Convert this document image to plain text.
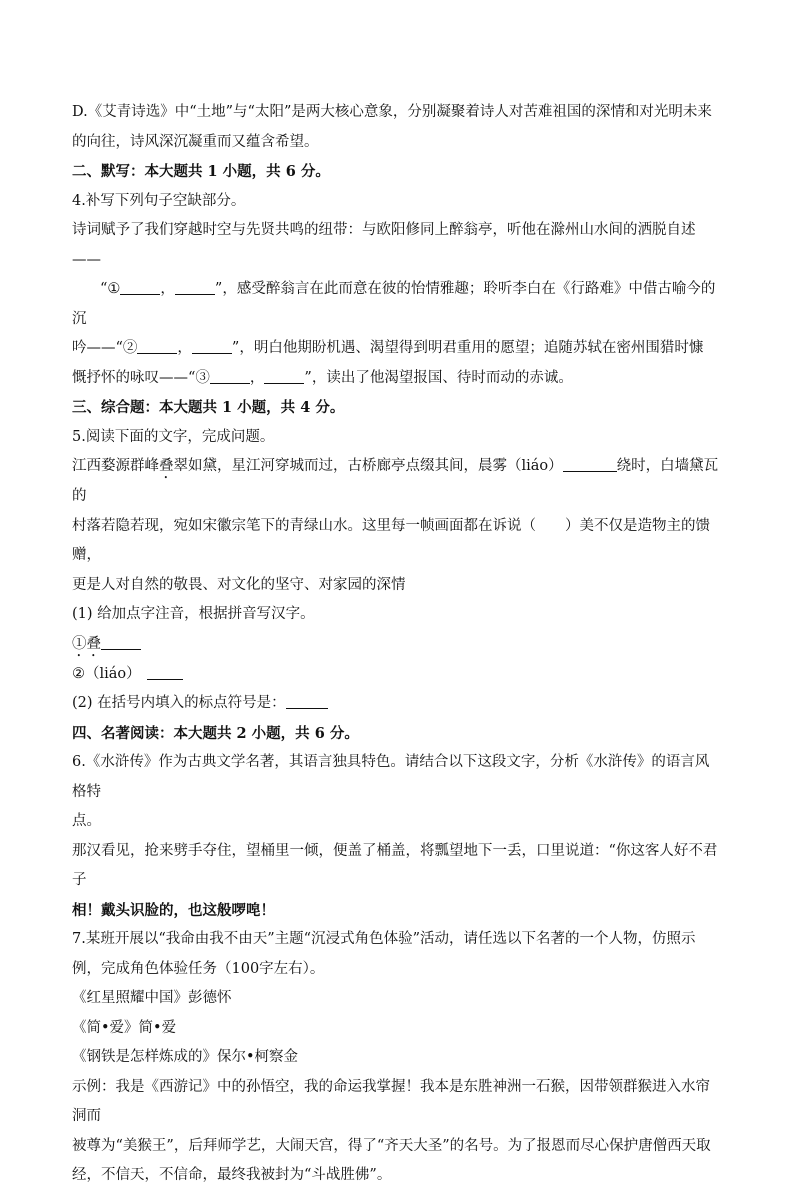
D.《艾青诗选》中“土地”与“太阳”是两大核心意象，分别凝聚着诗人对苦难祖国的深情和对光明未来

的向往，诗风深沉凝重而又蕴含希望。

二、默写：本大题共 1 小题，共 6 分。

4.补写下列句子空缺部分。

诗词赋予了我们穿越时空与先贤共鸣的纽带：与欧阳修同上醉翁亭，听他在滁州山水间的洒脱自述——

“①	，	”，感受醉翁言在此而意在彼的怡情雅趣；聆听李白在《行路难》中借古喻今的沉

吟——“②	，	”，明白他期盼机遇、渴望得到明君重用的愿望；追随苏轼在密州围猎时慷

慨抒怀的咏叹——“③	，	”，读出了他渴望报国、待时而动的赤诚。

三、综合题：本大题共 1 小题，共 4 分。

5.阅读下面的文字，完成问题。

江西婺源群峰叠翠如黛，星江河穿城而过，古桥廊亭点缀其间，晨雾（liáo）	绕时，白墙黛瓦的

村落若隐若现，宛如宋徽宗笔下的青绿山水。这里每一帧画面都在诉说（　　）美不仅是造物主的馈赠，

更是人对自然的敬畏、对文化的坚守、对家园的深情

(1) 给加点字注音，根据拼音写汉字。

①叠

②（liáo）

(2) 在括号内填入的标点符号是：

四、名著阅读：本大题共 2 小题，共 6 分。

6.《水浒传》作为古典文学名著，其语言独具特色。请结合以下这段文字，分析《水浒传》的语言风格特

点。

那汉看见，抢来劈手夺住，望桶里一倾，便盖了桶盖，将瓢望地下一丢，口里说道：“你这客人好不君子

相！戴头识脸的，也这般啰唣！

7.某班开展以“我命由我不由天”主题“沉浸式角色体验”活动，请任选以下名著的一个人物，仿照示

例，完成角色体验任务（100字左右）。

《红星照耀中国》彭德怀

《简•爱》简•爱

《钢铁是怎样炼成的》保尔•柯察金

示例：我是《西游记》中的孙悟空，我的命运我掌握！我本是东胜神洲一石猴，因带领群猴进入水帘洞而

被尊为“美猴王”，后拜师学艺，大闹天宫，得了“齐天大圣”的名号。为了报恩而尽心保护唐僧西天取

经，不信天，不信命，最终我被封为“斗战胜佛”。
